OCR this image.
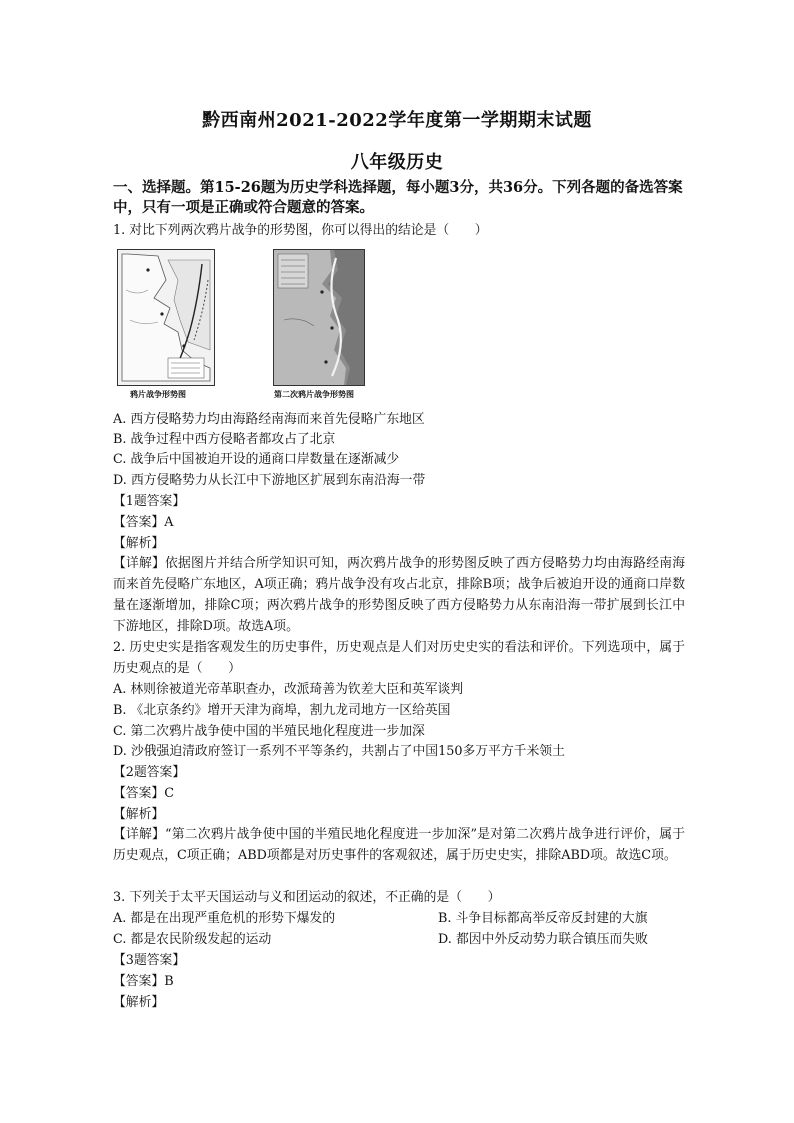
黔西南州2021-2022学年度第一学期期末试题
八年级历史
一、选择题。第15-26题为历史学科选择题，每小题3分，共36分。下列各题的备选答案中，只有一项是正确或符合题意的答案。
1. 对比下列两次鸦片战争的形势图，你可以得出的结论是（　　）
鸦片战争形势图	第二次鸦片战争形势图
A. 西方侵略势力均由海路经南海而来首先侵略广东地区
B. 战争过程中西方侵略者都攻占了北京
C. 战争后中国被迫开设的通商口岸数量在逐渐减少
D. 西方侵略势力从长江中下游地区扩展到东南沿海一带
【1题答案】
【答案】A
【解析】
【详解】依据图片并结合所学知识可知，两次鸦片战争的形势图反映了西方侵略势力均由海路经南海而来首先侵略广东地区，A项正确；鸦片战争没有攻占北京，排除B项；战争后被迫开设的通商口岸数量在逐渐增加，排除C项；两次鸦片战争的形势图反映了西方侵略势力从东南沿海一带扩展到长江中下游地区，排除D项。故选A项。
2. 历史史实是指客观发生的历史事件，历史观点是人们对历史史实的看法和评价。下列选项中，属于历史观点的是（　　）
A. 林则徐被道光帝革职查办，改派琦善为钦差大臣和英军谈判
B. 《北京条约》增开天津为商埠，割九龙司地方一区给英国
C. 第二次鸦片战争使中国的半殖民地化程度进一步加深
D. 沙俄强迫清政府签订一系列不平等条约，共割占了中国150多万平方千米领土
【2题答案】
【答案】C
【解析】
【详解】“第二次鸦片战争使中国的半殖民地化程度进一步加深”是对第二次鸦片战争进行评价，属于历史观点，C项正确；ABD项都是对历史事件的客观叙述，属于历史史实，排除ABD项。故选C项。
3. 下列关于太平天国运动与义和团运动的叙述，不正确的是（　　）
A. 都是在出现严重危机的形势下爆发的	B. 斗争目标都高举反帝反封建的大旗
C. 都是农民阶级发起的运动	D. 都因中外反动势力联合镇压而失败
【3题答案】
【答案】B
【解析】
